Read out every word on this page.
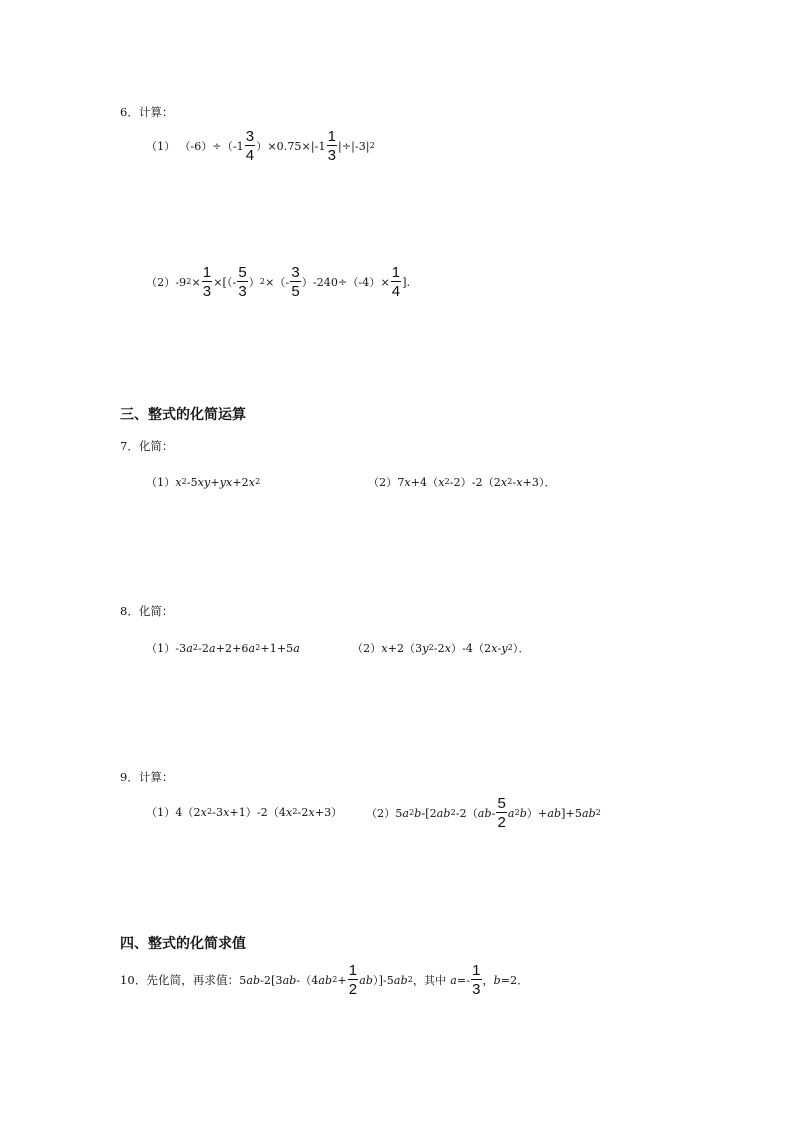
6．计算：
（1） $(-6)\div(-1 \frac{3}{4} )\times 0.75\times|-1 \frac{1}{3} |\div|-3|$ 2
（2） -9 $2 \times \frac{1}{3}$ ×[（- $\frac{5}{3}$ ） 2 ×（- $\frac{3}{5} )-240\div(-4)\times \frac{1}{4}$ ].
三、整式的化简运算
7．化简：
（1） x 2 -5 xy + yx +2 x 2	（2） 7 x +4（ x 2 -2）-2（2 x 2 - x +3）．
8．化简：
（1） -3 a 2 -2 a +2+6 a 2 +1+5 a	（2） x +2（3 y 2 -2 x ）-4（2 x - y 2 ）．
9．计算：
（1） 4（2 x 2 -3 x +1）-2（4 x 2 -2 x +3） （2） 5 a 2 b -[2 ab 2 -2（ ab - $\frac{5}{2}$ a 2 b ）+ ab ]+5 ab 2
四、整式的化简求值
10．先化简，再求值： 5 ab -2[3 ab -（4 ab $2 + \frac{1}{2}$ ab ）]-5 ab 2 ，其中 $a =- \frac{1}{3}$ ， b =2．
